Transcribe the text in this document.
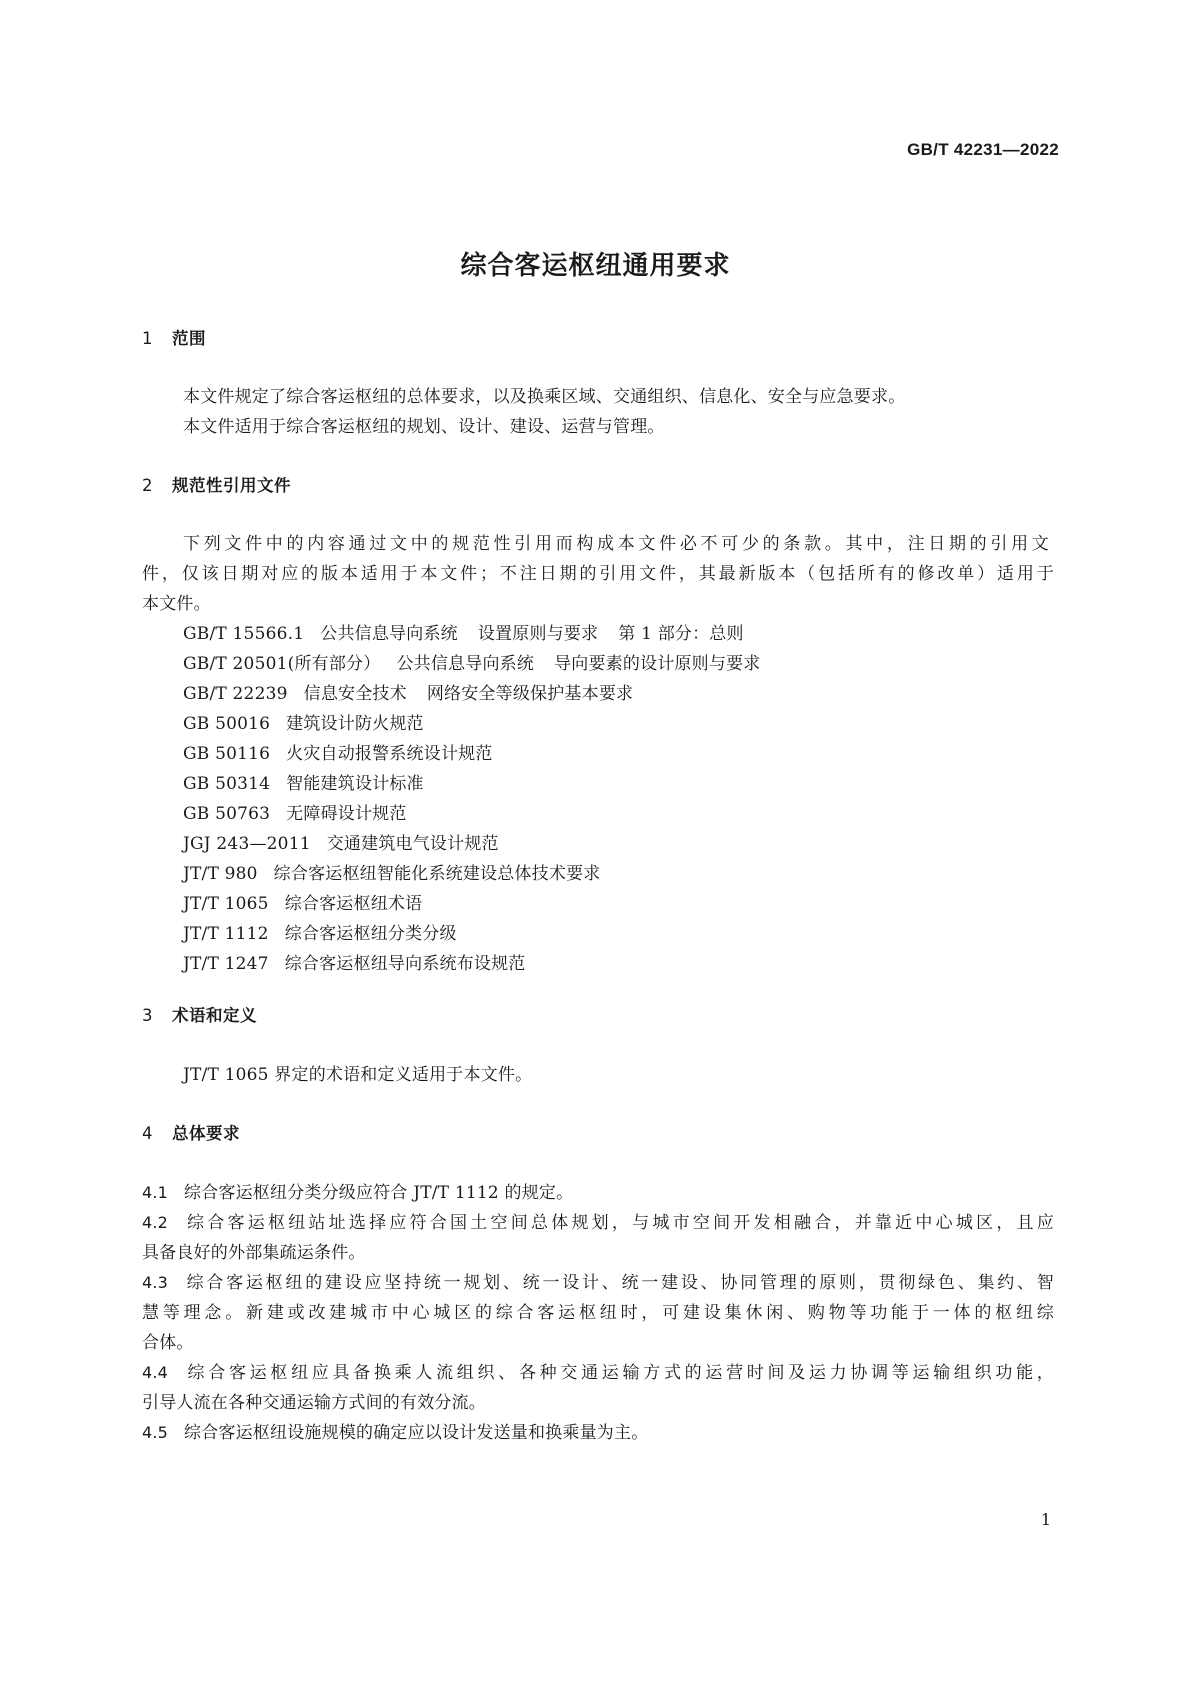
GB/T 42231—2022
综合客运枢纽通用要求
1 范围
本文件规定了综合客运枢纽的总体要求，以及换乘区域、交通组织、信息化、安全与应急要求。
本文件适用于综合客运枢纽的规划、设计、建设、运营与管理。
2 规范性引用文件
下列文件中的内容通过文中的规范性引用而构成本文件必不可少的条款。其中，注日期的引用文
件，仅该日期对应的版本适用于本文件；不注日期的引用文件，其最新版本（包括所有的修改单）适用于
本文件。
GB/T 15566.1 公共信息导向系统 设置原则与要求 第 1 部分：总则
GB/T 20501(所有部分） 公共信息导向系统 导向要素的设计原则与要求
GB/T 22239 信息安全技术 网络安全等级保护基本要求
GB 50016 建筑设计防火规范
GB 50116 火灾自动报警系统设计规范
GB 50314 智能建筑设计标准
GB 50763 无障碍设计规范
JGJ 243—2011 交通建筑电气设计规范
JT/T 980 综合客运枢纽智能化系统建设总体技术要求
JT/T 1065 综合客运枢纽术语
JT/T 1112 综合客运枢纽分类分级
JT/T 1247 综合客运枢纽导向系统布设规范
3 术语和定义
JT/T 1065 界定的术语和定义适用于本文件。
4 总体要求
4.1 综合客运枢纽分类分级应符合 JT/T 1112 的规定。
4.2 综合客运枢纽站址选择应符合国土空间总体规划，与城市空间开发相融合，并靠近中心城区，且应
具备良好的外部集疏运条件。
4.3 综合客运枢纽的建设应坚持统一规划、统一设计、统一建设、协同管理的原则，贯彻绿色、集约、智
慧等理念。新建或改建城市中心城区的综合客运枢纽时，可建设集休闲、购物等功能于一体的枢纽综
合体。
4.4 综合客运枢纽应具备换乘人流组织、各种交通运输方式的运营时间及运力协调等运输组织功能，
引导人流在各种交通运输方式间的有效分流。
4.5 综合客运枢纽设施规模的确定应以设计发送量和换乘量为主。
1
